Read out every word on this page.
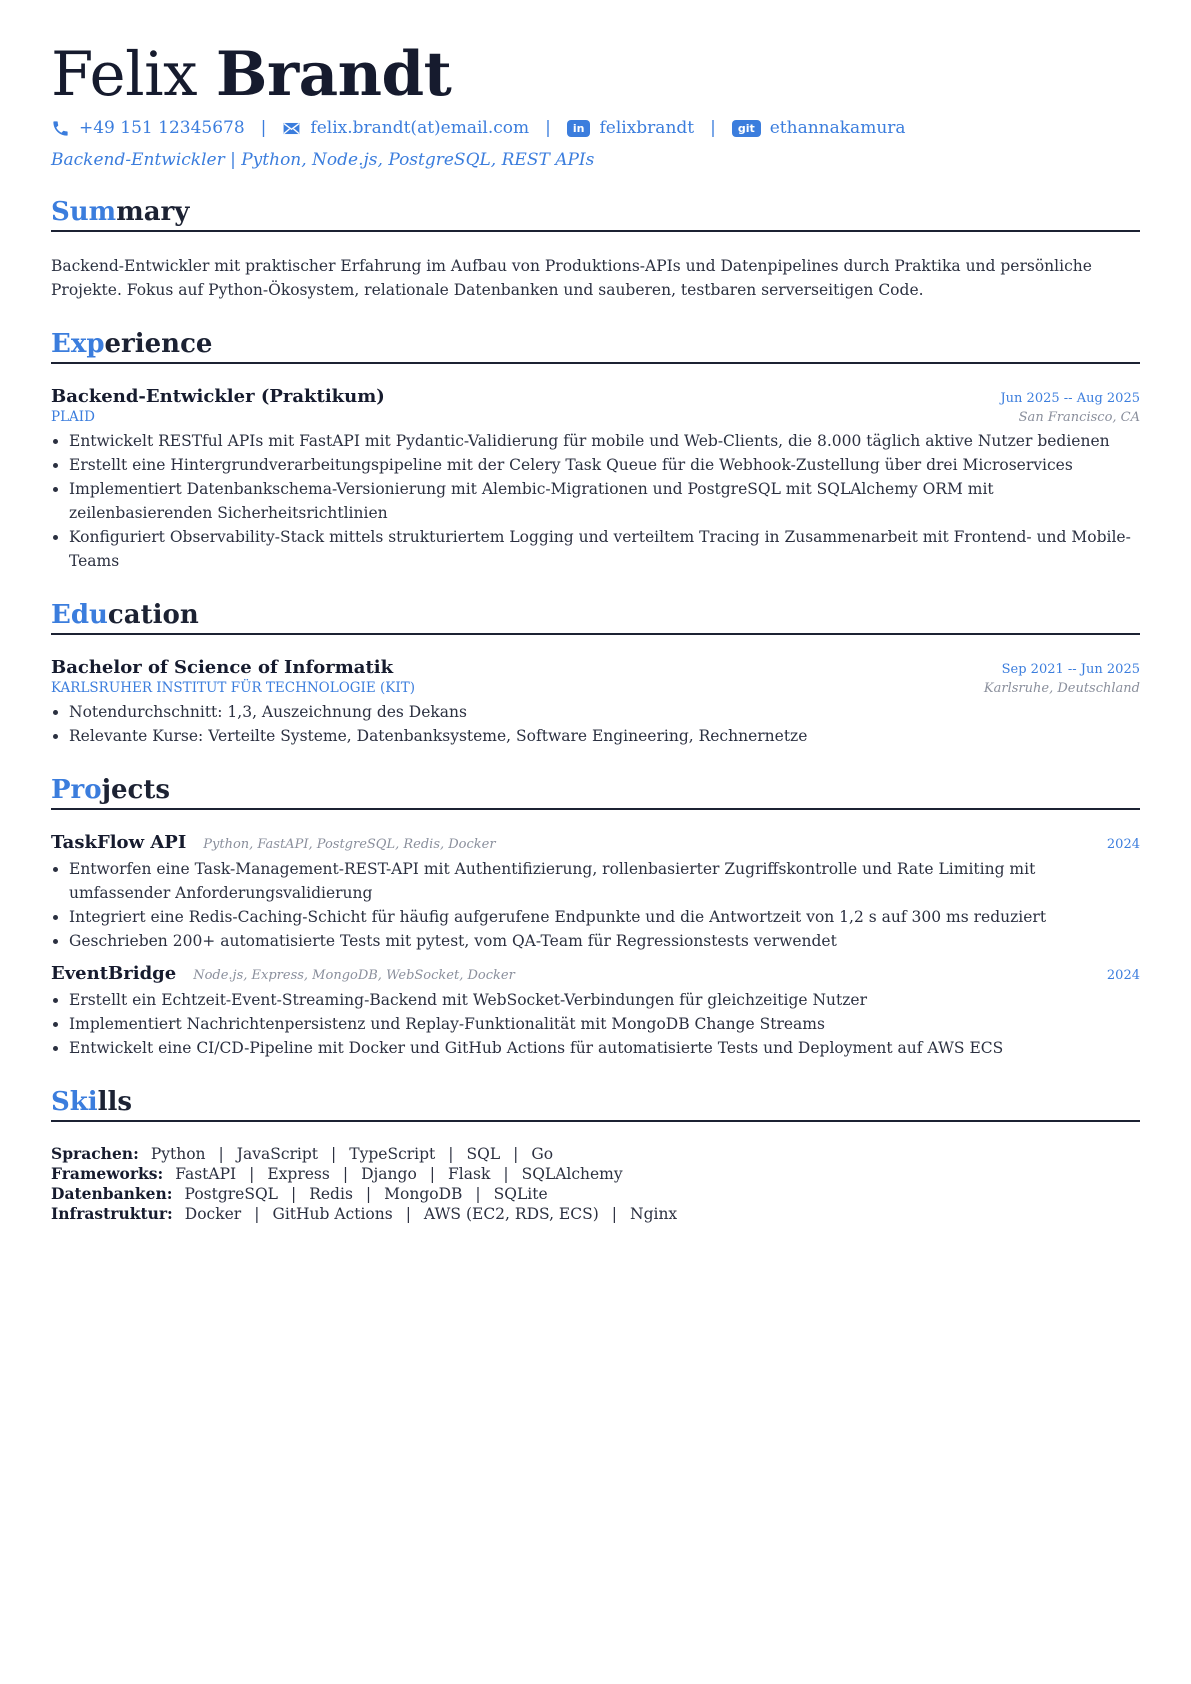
Felix Brandt
+49 151 12345678 |	felix.brandt(at)email.com |	in felixbrandt |	git ethannakamura
Backend-Entwickler | Python, Node.js, PostgreSQL, REST APIs
Summary

Backend-Entwickler mit praktischer Erfahrung im Aufbau von Produktions-APIs und Datenpipelines durch Praktika und persönliche Projekte. Fokus auf Python-Ökosystem, relationale Datenbanken und sauberen, testbaren serverseitigen Code.

Experience
Backend-Entwickler (Praktikum)	Jun 2025 -- Aug 2025
PLAID	San Francisco, CA
• Entwickelt RESTful APIs mit FastAPI mit Pydantic-Validierung für mobile und Web-Clients, die 8.000 täglich aktive Nutzer bedienen
• Erstellt eine Hintergrundverarbeitungspipeline mit der Celery Task Queue für die Webhook-Zustellung über drei Microservices
• Implementiert Datenbankschema-Versionierung mit Alembic-Migrationen und PostgreSQL mit SQLAlchemy ORM mit zeilenbasierenden Sicherheitsrichtlinien
• Konfiguriert Observability-Stack mittels strukturiertem Logging und verteiltem Tracing in Zusammenarbeit mit Frontend- und Mobile-Teams
Education
Bachelor of Science of Informatik	Sep 2021 -- Jun 2025
KARLSRUHER INSTITUT FÜR TECHNOLOGIE (KIT)	Karlsruhe, Deutschland
• Notendurchschnitt: 1,3, Auszeichnung des Dekans
• Relevante Kurse: Verteilte Systeme, Datenbanksysteme, Software Engineering, Rechnernetze
Projects
TaskFlow API Python, FastAPI, PostgreSQL, Redis, Docker	2024
• Entworfen eine Task-Management-REST-API mit Authentifizierung, rollenbasierter Zugriffskontrolle und Rate Limiting mit umfassender Anforderungsvalidierung
• Integriert eine Redis-Caching-Schicht für häufig aufgerufene Endpunkte und die Antwortzeit von 1,2 s auf 300 ms reduziert
• Geschrieben 200+ automatisierte Tests mit pytest, vom QA-Team für Regressionstests verwendet
EventBridge Node.js, Express, MongoDB, WebSocket, Docker	2024
• Erstellt ein Echtzeit-Event-Streaming-Backend mit WebSocket-Verbindungen für gleichzeitige Nutzer
• Implementiert Nachrichtenpersistenz und Replay-Funktionalität mit MongoDB Change Streams
• Entwickelt eine CI/CD-Pipeline mit Docker und GitHub Actions für automatisierte Tests und Deployment auf AWS ECS
Skills
Sprachen: Python | JavaScript | TypeScript | SQL | Go
Frameworks: FastAPI | Express | Django | Flask | SQLAlchemy
Datenbanken: PostgreSQL | Redis | MongoDB | SQLite
Infrastruktur: Docker | GitHub Actions | AWS (EC2, RDS, ECS) | Nginx
